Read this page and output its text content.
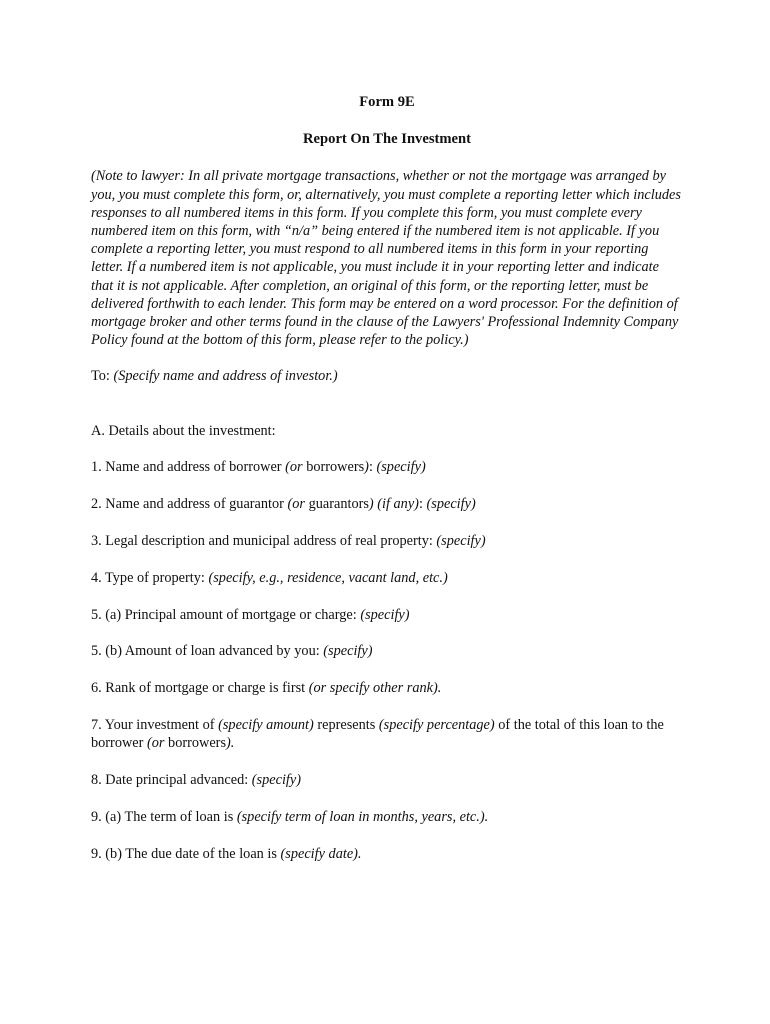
Form 9E
Report On The Investment
(Note to lawyer: In all private mortgage transactions, whether or not the mortgage was arranged by you, you must complete this form, or, alternatively, you must complete a reporting letter which includes responses to all numbered items in this form. If you complete this form, you must complete every numbered item on this form, with “n/a” being entered if the numbered item is not applicable. If you complete a reporting letter, you must respond to all numbered items in this form in your reporting letter. If a numbered item is not applicable, you must include it in your reporting letter and indicate that it is not applicable. After completion, an original of this form, or the reporting letter, must be delivered forthwith to each lender. This form may be entered on a word processor. For the definition of mortgage broker and other terms found in the clause of the Lawyers' Professional Indemnity Company Policy found at the bottom of this form, please refer to the policy.)
To: (Specify name and address of investor.)
A. Details about the investment:
1. Name and address of borrower (or borrowers): (specify)
2. Name and address of guarantor (or guarantors) (if any): (specify)
3. Legal description and municipal address of real property: (specify)
4. Type of property: (specify, e.g., residence, vacant land, etc.)
5. (a) Principal amount of mortgage or charge: (specify)
5. (b) Amount of loan advanced by you: (specify)
6. Rank of mortgage or charge is first (or specify other rank).
7. Your investment of (specify amount) represents (specify percentage) of the total of this loan to the borrower (or borrowers).
8. Date principal advanced: (specify)
9. (a) The term of loan is (specify term of loan in months, years, etc.).
9. (b) The due date of the loan is (specify date).
